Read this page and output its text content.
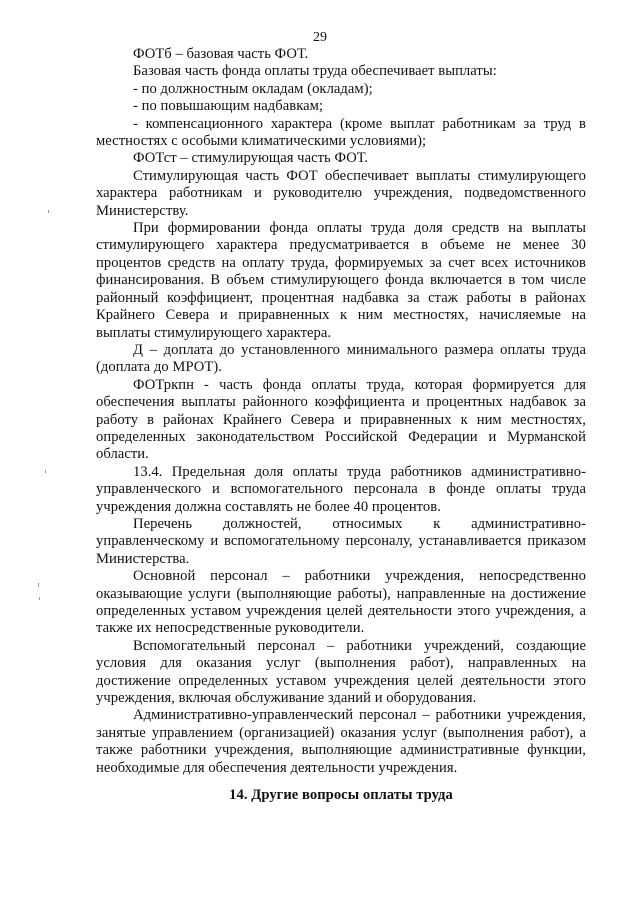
29

ФОТб – базовая часть ФОТ.

Базовая часть фонда оплаты труда обеспечивает выплаты:

- по должностным окладам (окладам);

- по повышающим надбавкам;

- компенсационного характера (кроме выплат работникам за труд в местностях с особыми климатическими условиями);

ФОТст – стимулирующая часть ФОТ.

Стимулирующая часть ФОТ обеспечивает выплаты стимулирующего характера работникам и руководителю учреждения, подведомственного Министерству.

При формировании фонда оплаты труда доля средств на выплаты стимулирующего характера предусматривается в объеме не менее 30 процентов средств на оплату труда, формируемых за счет всех источников финансирования. В объем стимулирующего фонда включается в том числе районный коэффициент, процентная надбавка за стаж работы в районах Крайнего Севера и приравненных к ним местностях, начисляемые на выплаты стимулирующего характера.

Д – доплата до установленного минимального размера оплаты труда (доплата до МРОТ).

ФОТркпн - часть фонда оплаты труда, которая формируется для обеспечения выплаты районного коэффициента и процентных надбавок за работу в районах Крайнего Севера и приравненных к ним местностях, определенных законодательством Российской Федерации и Мурманской области.

13.4. Предельная доля оплаты труда работников административно-управленческого и вспомогательного персонала в фонде оплаты труда учреждения должна составлять не более 40 процентов.

Перечень должностей, относимых к административно-управленческому и вспомогательному персоналу, устанавливается приказом Министерства.

Основной персонал – работники учреждения, непосредственно оказывающие услуги (выполняющие работы), направленные на достижение определенных уставом учреждения целей деятельности этого учреждения, а также их непосредственные руководители.

Вспомогательный персонал – работники учреждений, создающие условия для оказания услуг (выполнения работ), направленных на достижение определенных уставом учреждения целей деятельности этого учреждения, включая обслуживание зданий и оборудования.

Административно-управленческий персонал – работники учреждения, занятые управлением (организацией) оказания услуг (выполнения работ), а также работники учреждения, выполняющие административные функции, необходимые для обеспечения деятельности учреждения.

14. Другие вопросы оплаты труда
